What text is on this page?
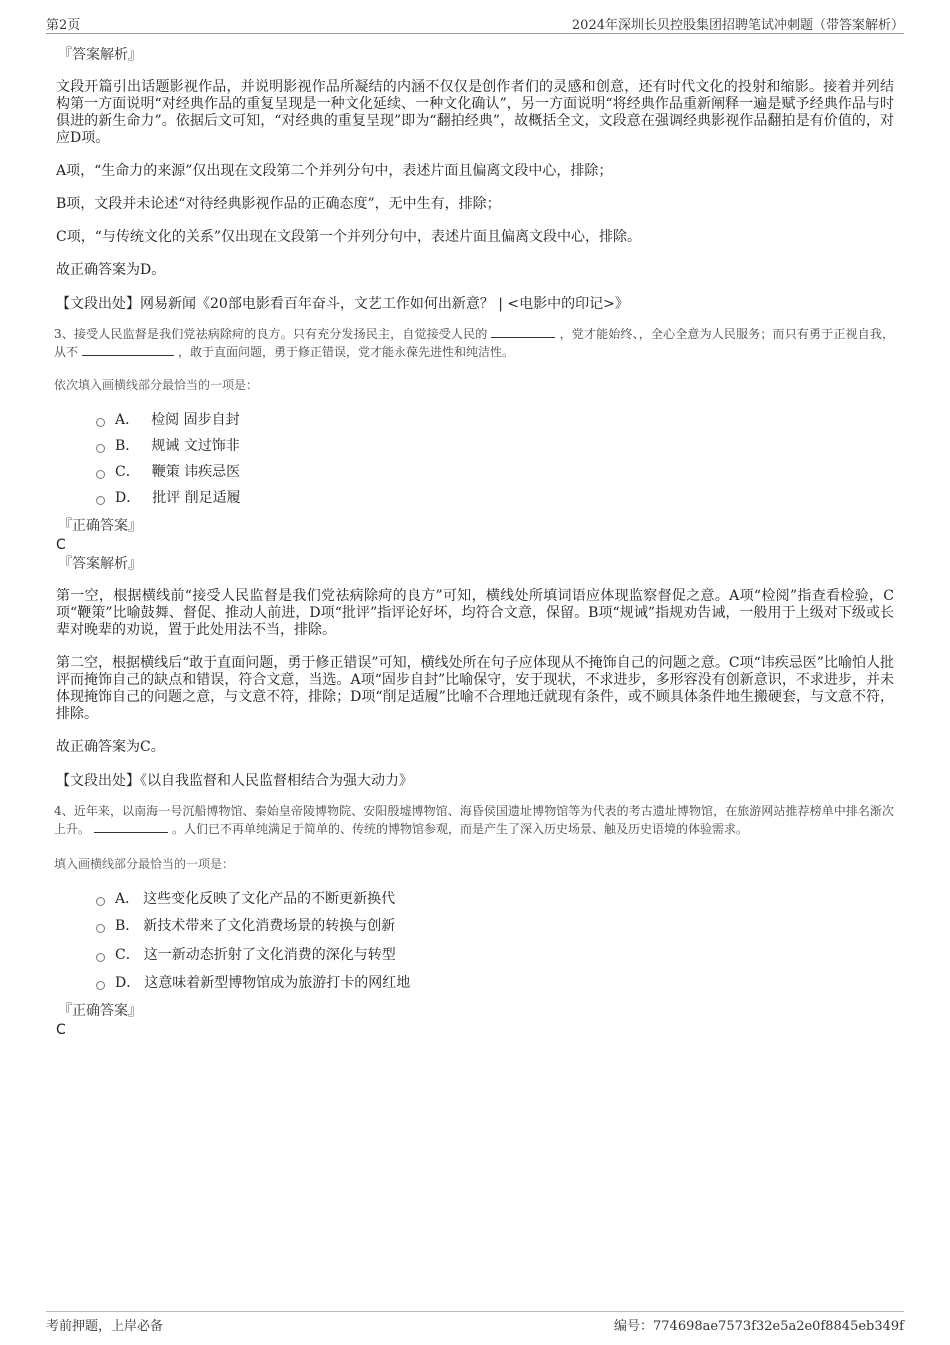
第2页	2024年深圳长贝控股集团招聘笔试冲刺题（带答案解析）
『答案解析』

文段开篇引出话题影视作品，并说明影视作品所凝结的内涵不仅仅是创作者们的灵感和创意，还有时代文化的投射和缩影。接着并列结构第一方面说明“对经典作品的重复呈现是一种文化延续、一种文化确认”，另一方面说明“将经典作品重新阐释一遍是赋予经典作品与时俱进的新生命力”。依据后文可知，“对经典的重复呈现”即为“翻拍经典”，故概括全文，文段意在强调经典影视作品翻拍是有价值的，对应D项。

A项，“生命力的来源”仅出现在文段第二个并列分句中，表述片面且偏离文段中心，排除；

B项，文段并未论述“对待经典影视作品的正确态度”，无中生有，排除；

C项，“与传统文化的关系”仅出现在文段第一个并列分句中，表述片面且偏离文段中心，排除。

故正确答案为D。

【文段出处】网易新闻《20部电影看百年奋斗，文艺工作如何出新意？ | <电影中的印记>》

3、接受人民监督是我们党祛病除疴的良方。只有充分发扬民主，自觉接受人民的	，党才能始终、，全心全意为人民服务；而只有勇于正视自我，从不	，敢于直面问题，勇于修正错误，党才能永葆先进性和纯洁性。

依次填入画横线部分最恰当的一项是：
A． 检阅 固步自封
B． 规诫 文过饰非
C． 鞭策 讳疾忌医
D． 批评 削足适履
『正确答案』
C
『答案解析』

第一空，根据横线前“接受人民监督是我们党祛病除疴的良方”可知，横线处所填词语应体现监察督促之意。A项“检阅”指查看检验，C项“鞭策”比喻鼓舞、督促、推动人前进，D项“批评”指评论好坏，均符合文意，保留。B项“规诫”指规劝告诫，一般用于上级对下级或长辈对晚辈的劝说，置于此处用法不当，排除。

第二空，根据横线后“敢于直面问题，勇于修正错误”可知，横线处所在句子应体现从不掩饰自己的问题之意。C项“讳疾忌医”比喻怕人批评而掩饰自己的缺点和错误，符合文意，当选。A项“固步自封”比喻保守，安于现状，不求进步，多形容没有创新意识，不求进步，并未体现掩饰自己的问题之意，与文意不符，排除；D项“削足适履”比喻不合理地迁就现有条件，或不顾具体条件地生搬硬套，与文意不符，排除。

故正确答案为C。

【文段出处】《以自我监督和人民监督相结合为强大动力》

4、近年来，以南海一号沉船博物馆、秦始皇帝陵博物院、安阳殷墟博物馆、海昏侯国遗址博物馆等为代表的考古遗址博物馆，在旅游网站推荐榜单中排名渐次上升。	。人们已不再单纯满足于简单的、传统的博物馆参观，而是产生了深入历史场景、触及历史语境的体验需求。

填入画横线部分最恰当的一项是：
A． 这些变化反映了文化产品的不断更新换代
B． 新技术带来了文化消费场景的转换与创新
C． 这一新动态折射了文化消费的深化与转型
D． 这意味着新型博物馆成为旅游打卡的网红地
『正确答案』
C
考前押题，上岸必备	编号：774698ae7573f32e5a2e0f8845eb349f
